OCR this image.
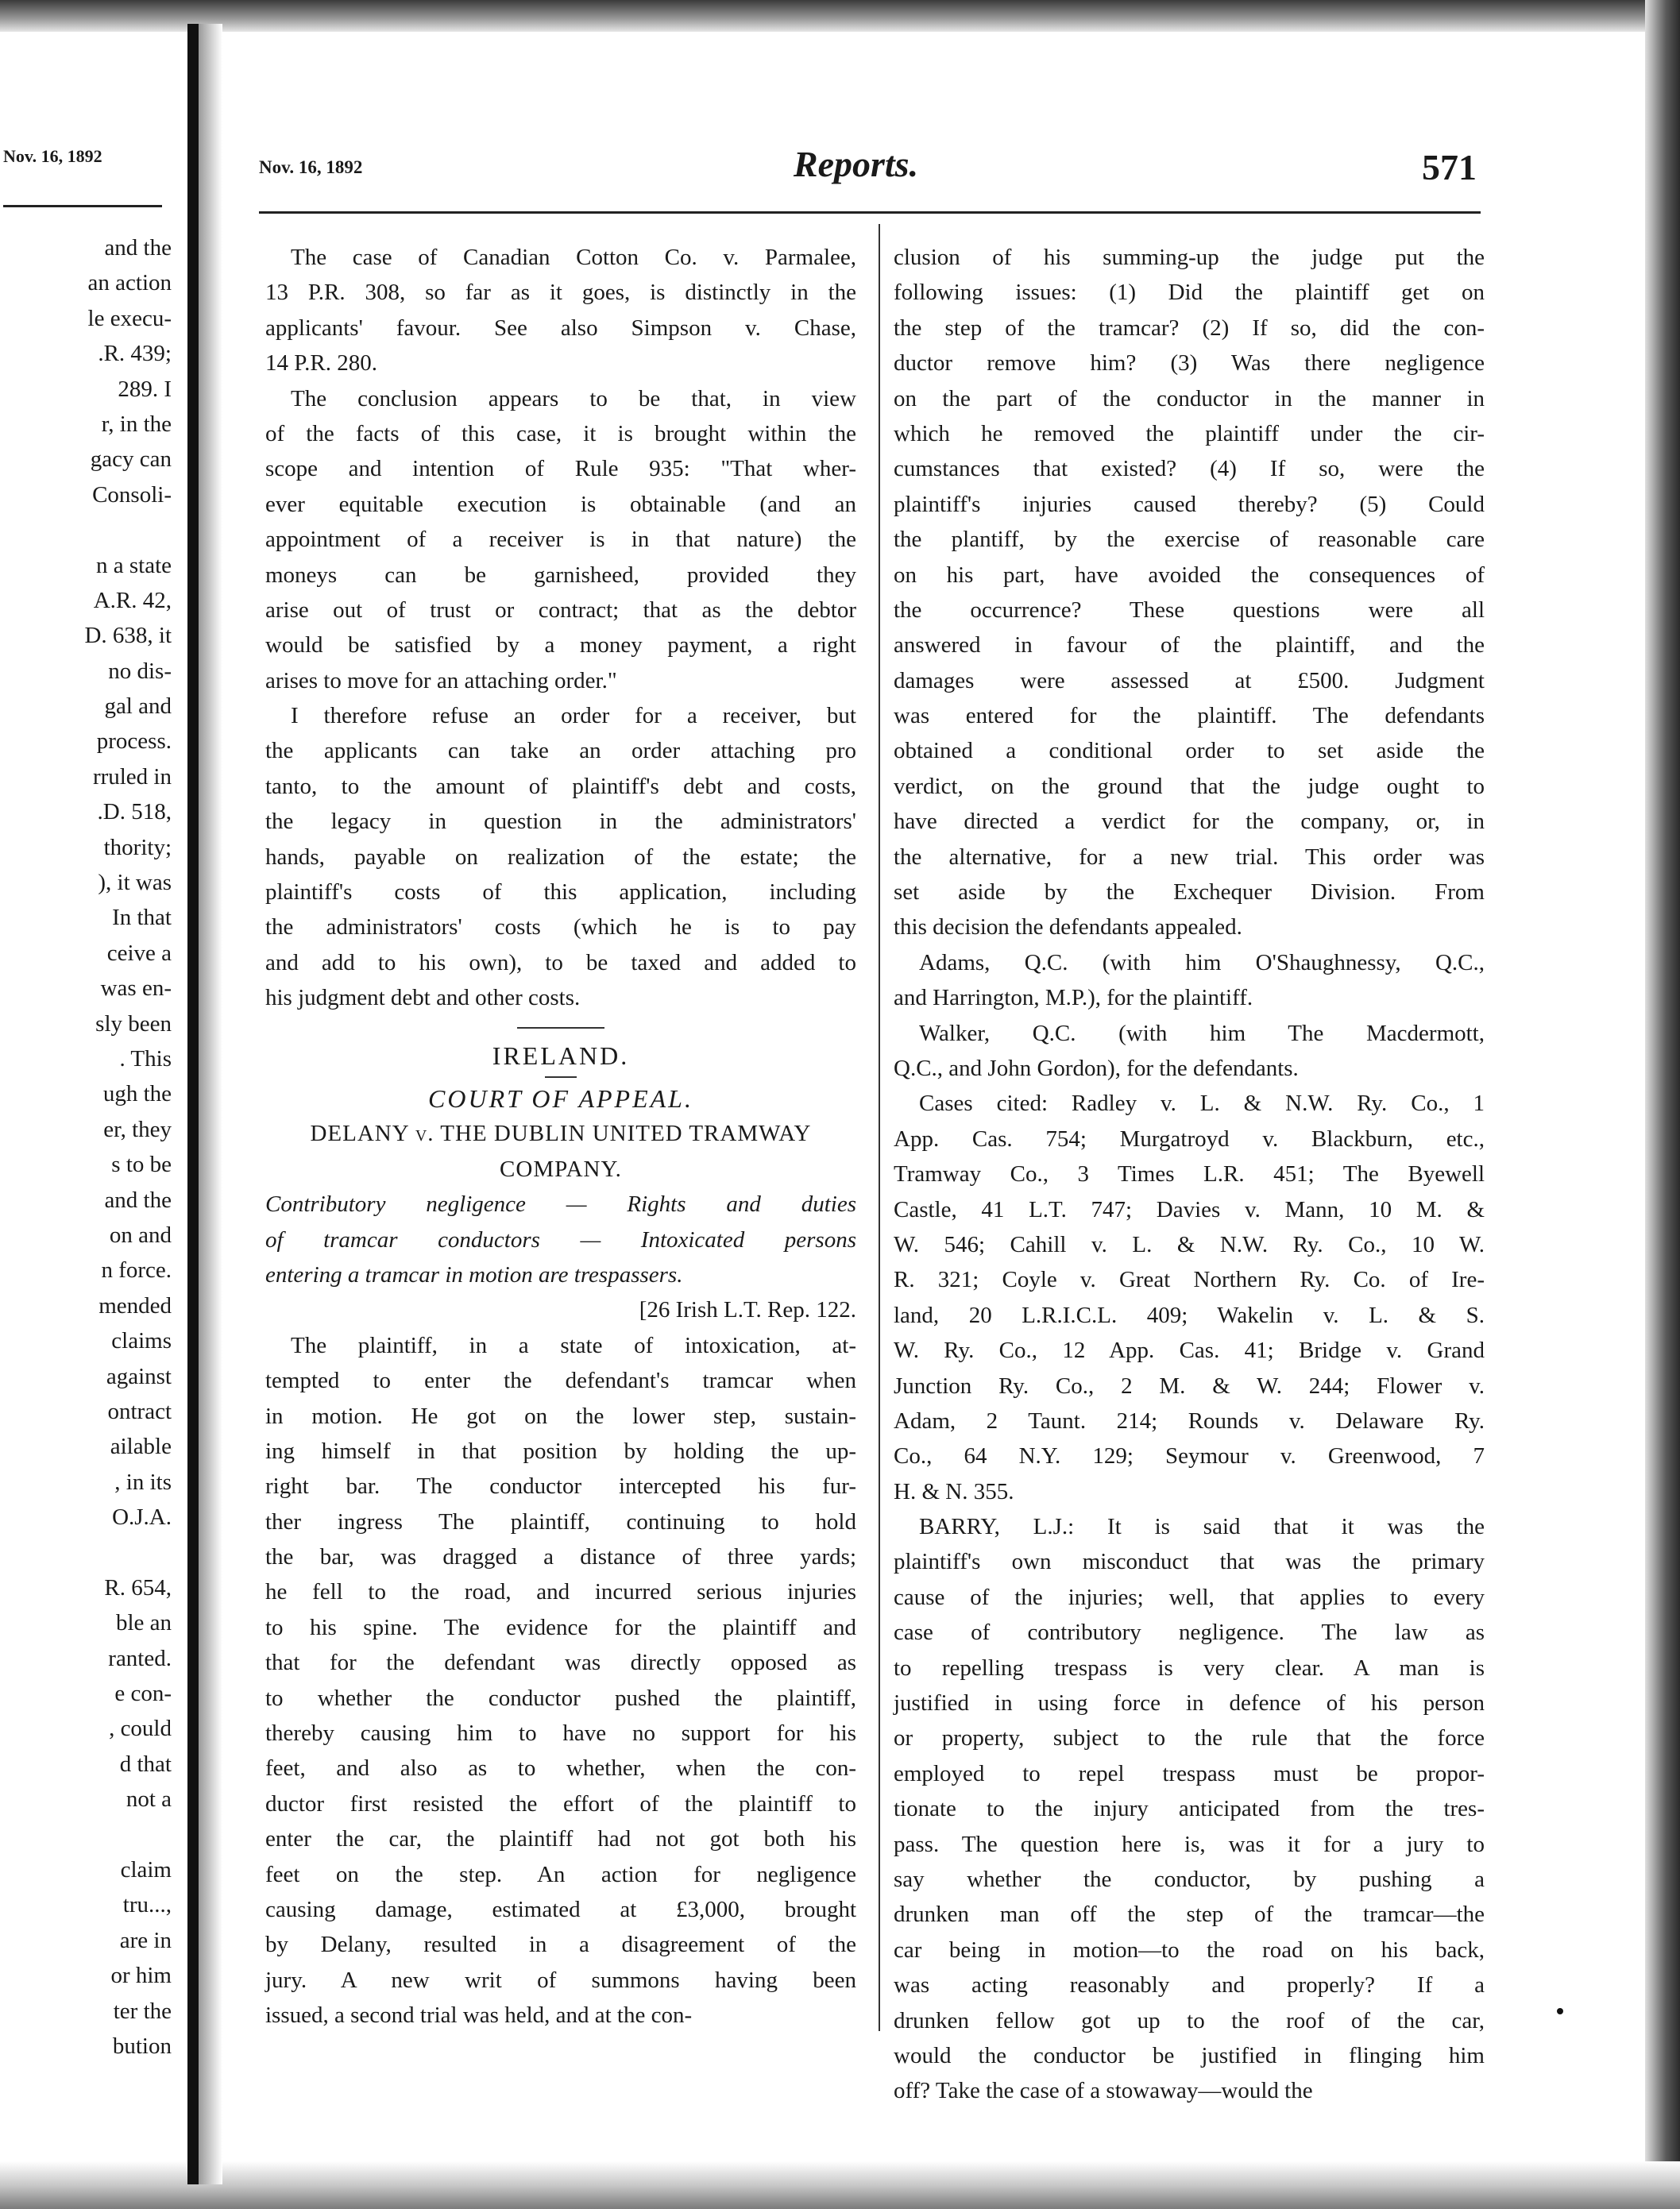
Nov. 16, 1892
and the
an action
le execu-
.R. 439;
289. I
r, in the
gacy can
Consoli-
n a state
A.R. 42,
D. 638, it
no dis-
gal and
process.
rruled in
.D. 518,
thority;
), it was
In that
ceive a
was en-
sly been
. This
ugh the
er, they
s to be
and the
on and
n force.
mended
claims
against
ontract
ailable
, in its
O.J.A.
R. 654,
ble an
ranted.
e con-
, could
d that
not a
claim
tru...,
are in
or him
ter the
bution
Nov. 16, 1892	Reports.	571
The case of Canadian Cotton Co. v. Parmalee,
13 P.R. 308, so far as it goes, is distinctly in the
applicants' favour. See also Simpson v. Chase,
14 P.R. 280.
The conclusion appears to be that, in view
of the facts of this case, it is brought within the
scope and intention of Rule 935: "That wher-
ever equitable execution is obtainable (and an
appointment of a receiver is in that nature) the
moneys can be garnisheed, provided they
arise out of trust or contract; that as the debtor
would be satisfied by a money payment, a right
arises to move for an attaching order."
I therefore refuse an order for a receiver, but
the applicants can take an order attaching pro
tanto, to the amount of plaintiff's debt and costs,
the legacy in question in the administrators'
hands, payable on realization of the estate; the
plaintiff's costs of this application, including
the administrators' costs (which he is to pay
and add to his own), to be taxed and added to
his judgment debt and other costs.
IRELAND.
COURT OF APPEAL.
DELANY v. THE DUBLIN UNITED TRAMWAY
COMPANY.
Contributory negligence — Rights and duties
of tramcar conductors — Intoxicated persons
entering a tramcar in motion are trespassers.
[26 Irish L.T. Rep. 122.
The plaintiff, in a state of intoxication, at-
tempted to enter the defendant's tramcar when
in motion. He got on the lower step, sustain-
ing himself in that position by holding the up-
right bar. The conductor intercepted his fur-
ther ingress The plaintiff, continuing to hold
the bar, was dragged a distance of three yards;
he fell to the road, and incurred serious injuries
to his spine. The evidence for the plaintiff and
that for the defendant was directly opposed as
to whether the conductor pushed the plaintiff,
thereby causing him to have no support for his
feet, and also as to whether, when the con-
ductor first resisted the effort of the plaintiff to
enter the car, the plaintiff had not got both his
feet on the step. An action for negligence
causing damage, estimated at £3,000, brought
by Delany, resulted in a disagreement of the
jury. A new writ of summons having been
issued, a second trial was held, and at the con-
clusion of his summing-up the judge put the
following issues: (1) Did the plaintiff get on
the step of the tramcar? (2) If so, did the con-
ductor remove him? (3) Was there negligence
on the part of the conductor in the manner in
which he removed the plaintiff under the cir-
cumstances that existed? (4) If so, were the
plaintiff's injuries caused thereby? (5) Could
the plantiff, by the exercise of reasonable care
on his part, have avoided the consequences of
the occurrence? These questions were all
answered in favour of the plaintiff, and the
damages were assessed at £500. Judgment
was entered for the plaintiff. The defendants
obtained a conditional order to set aside the
verdict, on the ground that the judge ought to
have directed a verdict for the company, or, in
the alternative, for a new trial. This order was
set aside by the Exchequer Division. From
this decision the defendants appealed.
Adams, Q.C. (with him O'Shaughnessy, Q.C.,
and Harrington, M.P.), for the plaintiff.
Walker, Q.C. (with him The Macdermott,
Q.C., and John Gordon), for the defendants.
Cases cited: Radley v. L. & N.W. Ry. Co., 1
App. Cas. 754; Murgatroyd v. Blackburn, etc.,
Tramway Co., 3 Times L.R. 451; The Byewell
Castle, 41 L.T. 747; Davies v. Mann, 10 M. &
W. 546; Cahill v. L. & N.W. Ry. Co., 10 W.
R. 321; Coyle v. Great Northern Ry. Co. of Ire-
land, 20 L.R.I.C.L. 409; Wakelin v. L. & S.
W. Ry. Co., 12 App. Cas. 41; Bridge v. Grand
Junction Ry. Co., 2 M. & W. 244; Flower v.
Adam, 2 Taunt. 214; Rounds v. Delaware Ry.
Co., 64 N.Y. 129; Seymour v. Greenwood, 7
H. & N. 355.
BARRY, L.J.: It is said that it was the
plaintiff's own misconduct that was the primary
cause of the injuries; well, that applies to every
case of contributory negligence. The law as
to repelling trespass is very clear. A man is
justified in using force in defence of his person
or property, subject to the rule that the force
employed to repel trespass must be propor-
tionate to the injury anticipated from the tres-
pass. The question here is, was it for a jury to
say whether the conductor, by pushing a
drunken man off the step of the tramcar—the
car being in motion—to the road on his back,
was acting reasonably and properly? If a
drunken fellow got up to the roof of the car,
would the conductor be justified in flinging him
off? Take the case of a stowaway—would the
